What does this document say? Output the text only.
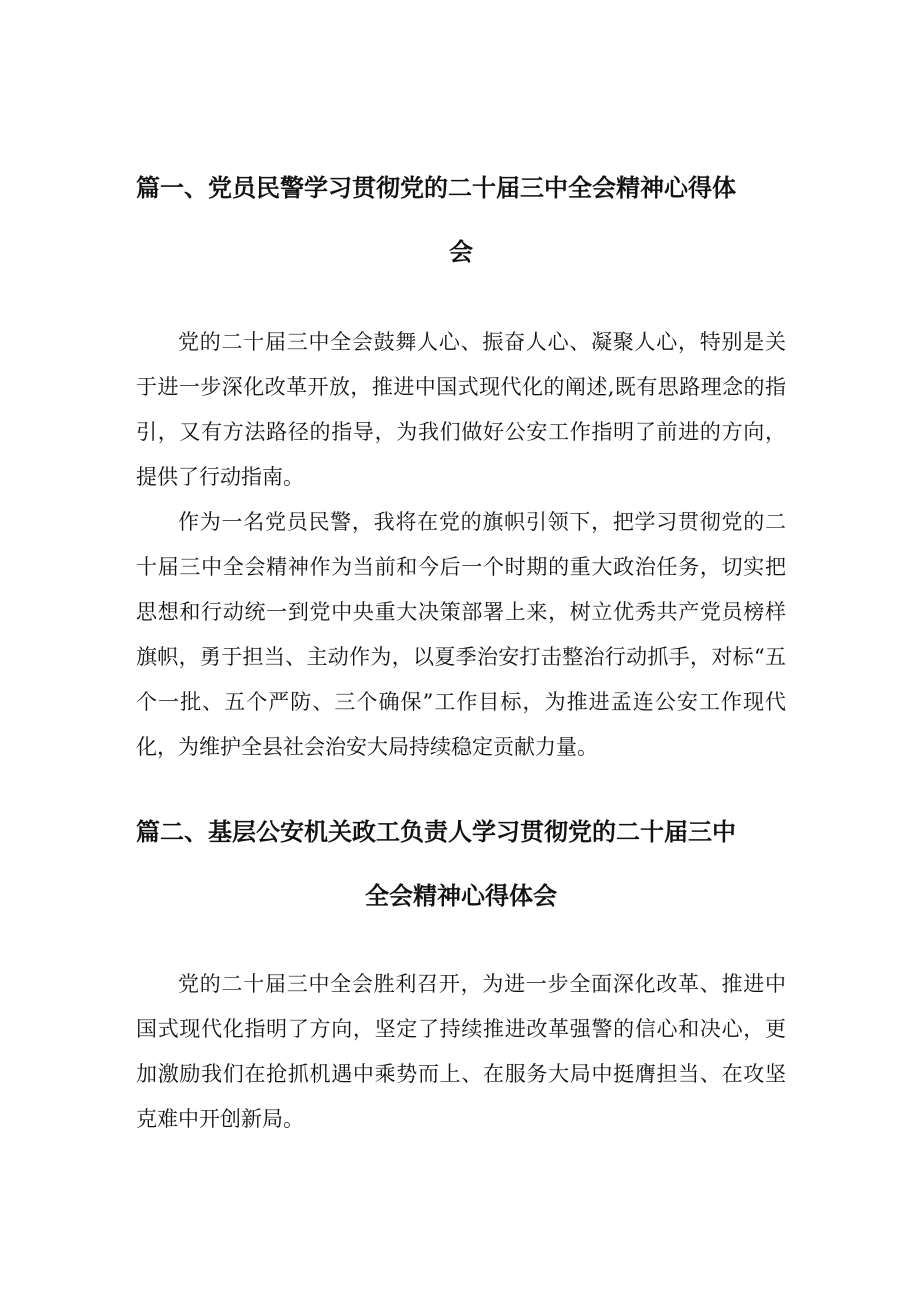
篇一、党员民警学习贯彻党的二十届三中全会精神心得体
会

党的二十届三中全会鼓舞人心、振奋人心、凝聚人心，特别是关于进一步深化改革开放，推进中国式现代化的阐述,既有思路理念的指引，又有方法路径的指导，为我们做好公安工作指明了前进的方向，提供了行动指南。

作为一名党员民警，我将在党的旗帜引领下，把学习贯彻党的二十届三中全会精神作为当前和今后一个时期的重大政治任务，切实把思想和行动统一到党中央重大决策部署上来，树立优秀共产党员榜样旗帜，勇于担当、主动作为，以夏季治安打击整治行动抓手，对标“五个一批、五个严防、三个确保”工作目标，为推进孟连公安工作现代化，为维护全县社会治安大局持续稳定贡献力量。

篇二、基层公安机关政工负责人学习贯彻党的二十届三中
全会精神心得体会

党的二十届三中全会胜利召开，为进一步全面深化改革、推进中国式现代化指明了方向，坚定了持续推进改革强警的信心和决心，更加激励我们在抢抓机遇中乘势而上、在服务大局中挺膺担当、在攻坚克难中开创新局。
